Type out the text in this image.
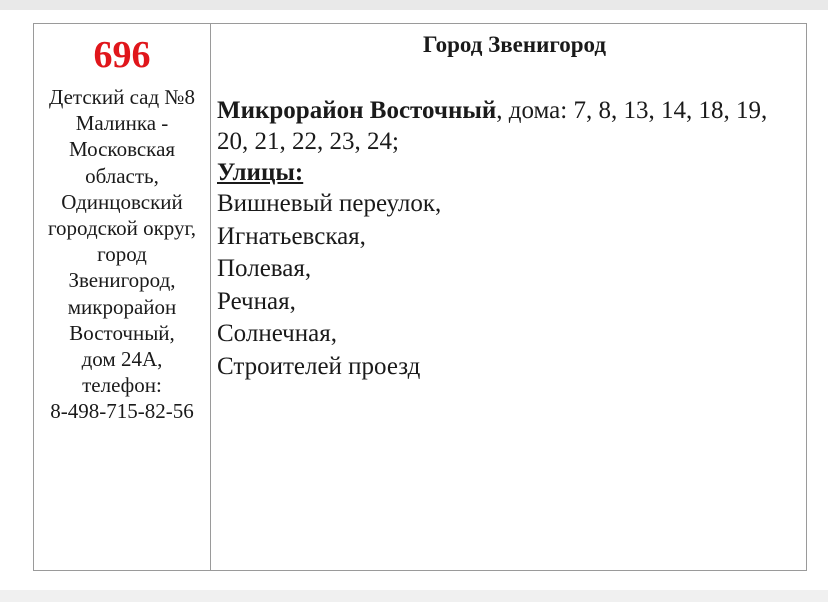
696
Детский сад №8
Малинка -
Московская
область,
Одинцовский
городской округ,
город
Звенигород,
микрорайон
Восточный,
дом 24А,
телефон:
8-498-715-82-56
Город Звенигород
Микрорайон Восточный, дома: 7, 8, 13, 14, 18, 19, 20, 21, 22, 23, 24;
Улицы:
Вишневый переулок,
Игнатьевская,
Полевая,
Речная,
Солнечная,
Строителей проезд
